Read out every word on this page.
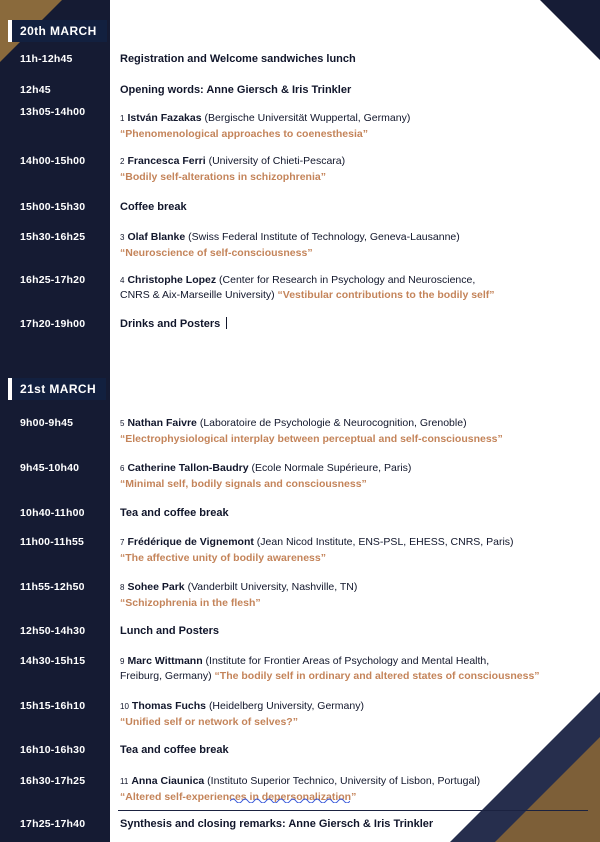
20th MARCH
11h-12h45	Registration and Welcome sandwiches lunch
12h45	Opening words: Anne Giersch & Iris Trinkler
13h05-14h00
1 István Fazakas (Bergische Universität Wuppertal, Germany)
“Phenomenological approaches to coenesthesia”
14h00-15h00	2 Francesca Ferri (University of Chieti-Pescara)
“Bodily self-alterations in schizophrenia”
15h00-15h30	Coffee break
15h30-16h25	3 Olaf Blanke (Swiss Federal Institute of Technology, Geneva-Lausanne)
“Neuroscience of self-consciousness”
16h25-17h20	4 Christophe Lopez (Center for Research in Psychology and Neuroscience,
CNRS & Aix-Marseille University) “Vestibular contributions to the bodily self”
17h20-19h00	Drinks and Posters
21st MARCH
9h00-9h45	5 Nathan Faivre (Laboratoire de Psychologie & Neurocognition, Grenoble)
“Electrophysiological interplay between perceptual and self-consciousness”
9h45-10h40	6 Catherine Tallon-Baudry (Ecole Normale Supérieure, Paris)
“Minimal self, bodily signals and consciousness”
10h40-11h00	Tea and coffee break
11h00-11h55	7 Frédérique de Vignemont (Jean Nicod Institute, ENS-PSL, EHESS, CNRS, Paris)
“The affective unity of bodily awareness”
11h55-12h50	8 Sohee Park (Vanderbilt University, Nashville, TN)
“Schizophrenia in the flesh”
12h50-14h30	Lunch and Posters
14h30-15h15	9 Marc Wittmann (Institute for Frontier Areas of Psychology and Mental Health,
Freiburg, Germany) “The bodily self in ordinary and altered states of consciousness”
15h15-16h10	10 Thomas Fuchs (Heidelberg University, Germany)
“Unified self or network of selves?”
16h10-16h30	Tea and coffee break
16h30-17h25	11 Anna Ciaunica (Instituto Superior Technico, University of Lisbon, Portugal)
“Altered self-experiences in depersonalization”
17h25-17h40	Synthesis and closing remarks: Anne Giersch & Iris Trinkler
